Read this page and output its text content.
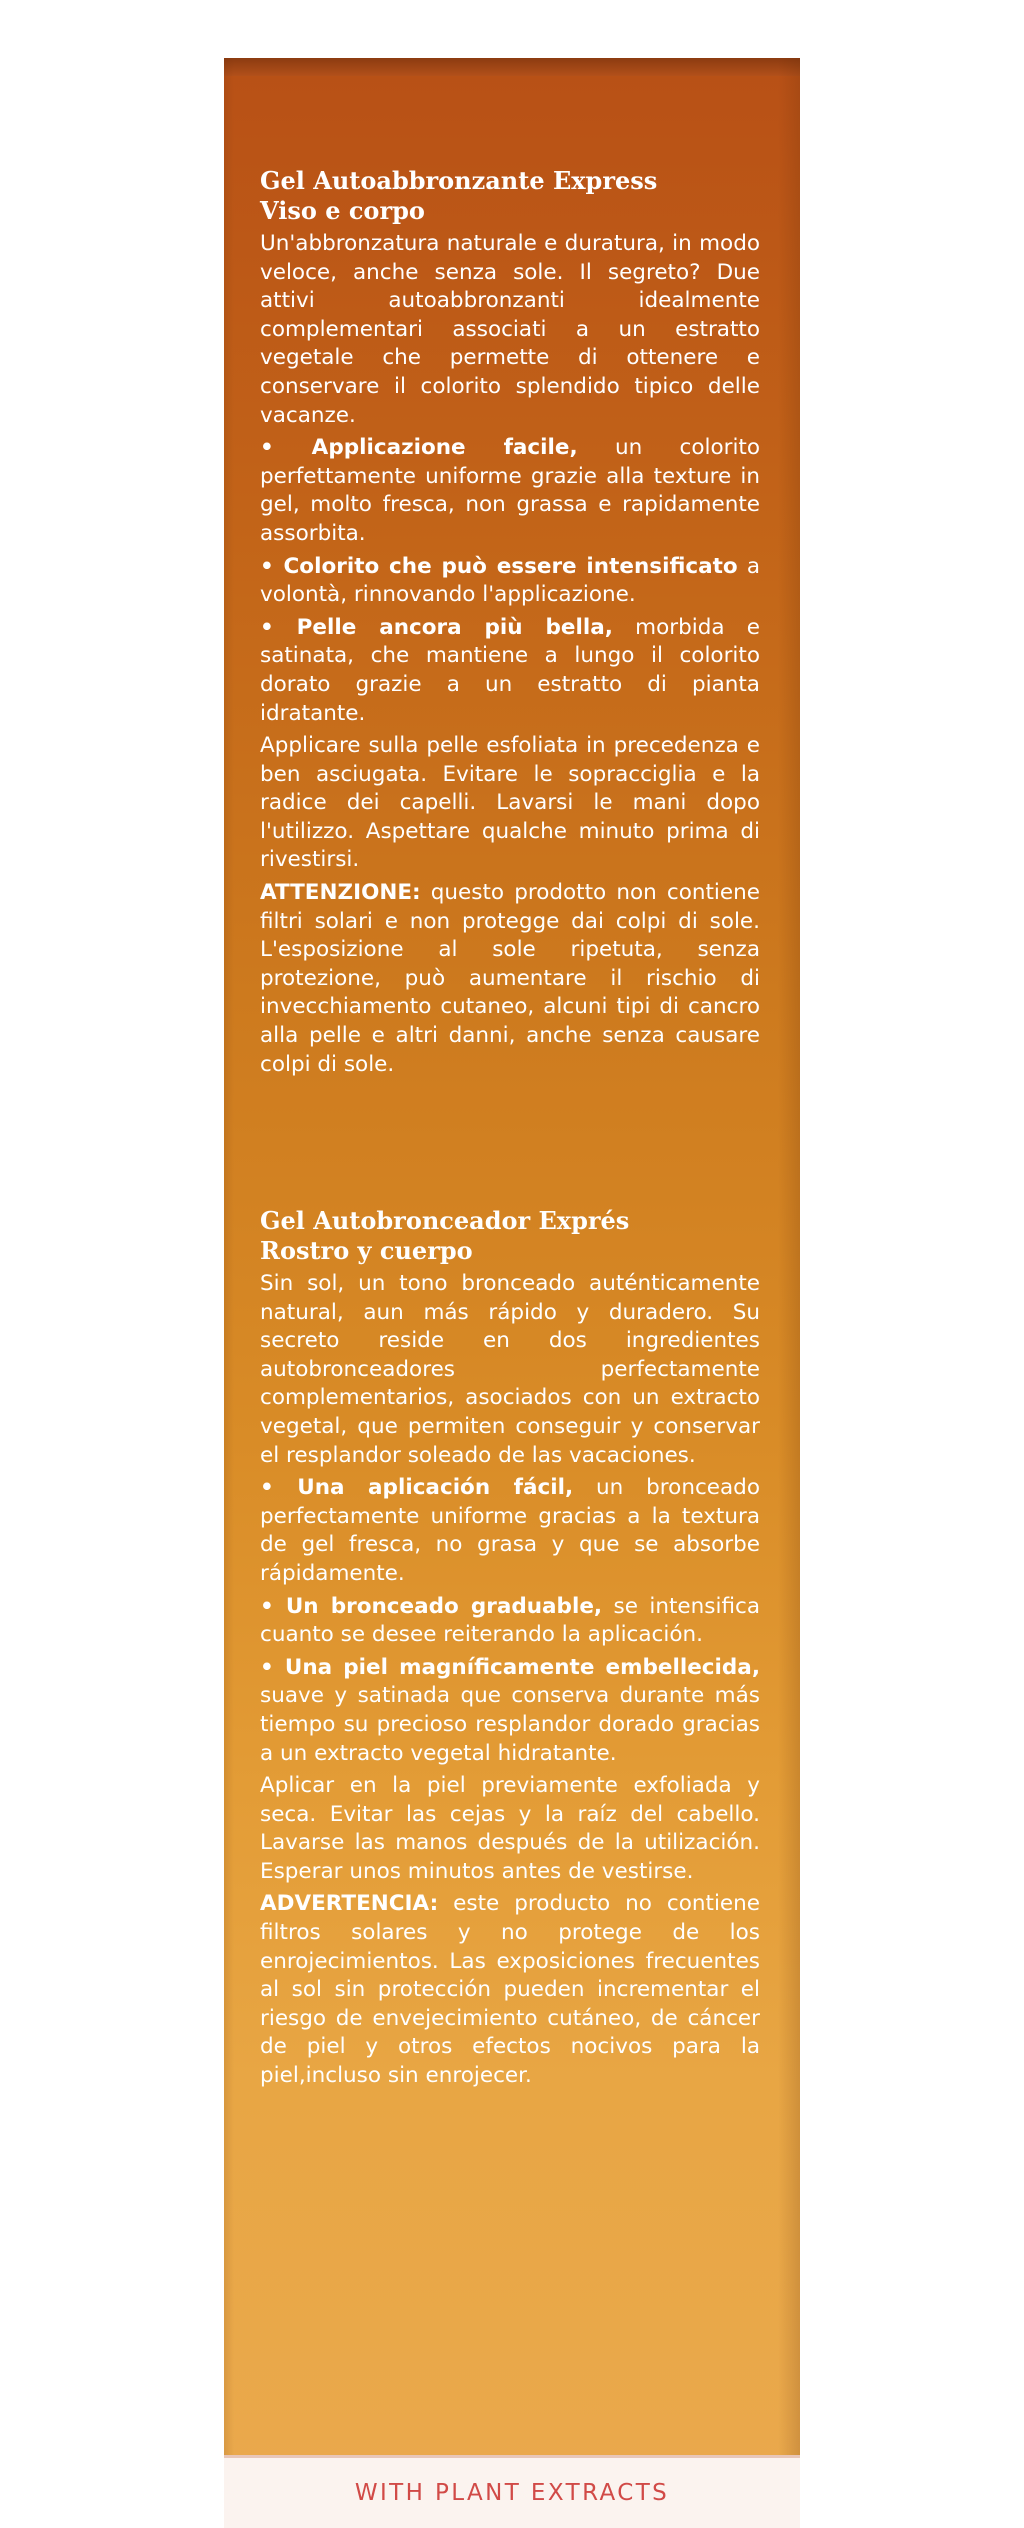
Gel Autoabbronzante Express
Viso e corpo

Un'abbronzatura naturale e duratura, in modo veloce, anche senza sole. Il segreto? Due attivi autoabbronzanti idealmente complementari associati a un estratto vegetale che permette di ottenere e conservare il colorito splendido tipico delle vacanze.

• Applicazione facile, un colorito perfettamente uniforme grazie alla texture in gel, molto fresca, non grassa e rapidamente assorbita.

• Colorito che può essere intensificato a volontà, rinnovando l'applicazione.

• Pelle ancora più bella, morbida e satinata, che mantiene a lungo il colorito dorato grazie a un estratto di pianta idratante.

Applicare sulla pelle esfoliata in precedenza e ben asciugata. Evitare le sopracciglia e la radice dei capelli. Lavarsi le mani dopo l'utilizzo. Aspettare qualche minuto prima di rivestirsi.

ATTENZIONE: questo prodotto non contiene filtri solari e non protegge dai colpi di sole. L'esposizione al sole ripetuta, senza protezione, può aumentare il rischio di invecchiamento cutaneo, alcuni tipi di cancro alla pelle e altri danni, anche senza causare colpi di sole.

Gel Autobronceador Exprés
Rostro y cuerpo

Sin sol, un tono bronceado auténticamente natural, aun más rápido y duradero. Su secreto reside en dos ingredientes autobronceadores perfectamente complementarios, asociados con un extracto vegetal, que permiten conseguir y conservar el resplandor soleado de las vacaciones.

• Una aplicación fácil, un bronceado perfectamente uniforme gracias a la textura de gel fresca, no grasa y que se absorbe rápidamente.

• Un bronceado graduable, se intensifica cuanto se desee reiterando la aplicación.

• Una piel magníficamente embellecida, suave y satinada que conserva durante más tiempo su precioso resplandor dorado gracias a un extracto vegetal hidratante.

Aplicar en la piel previamente exfoliada y seca. Evitar las cejas y la raíz del cabello. Lavarse las manos después de la utilización. Esperar unos minutos antes de vestirse.

ADVERTENCIA: este producto no contiene filtros solares y no protege de los enrojecimientos. Las exposiciones frecuentes al sol sin protección pueden incrementar el riesgo de envejecimiento cutáneo, de cáncer de piel y otros efectos nocivos para la piel,incluso sin enrojecer.

WITH PLANT EXTRACTS
